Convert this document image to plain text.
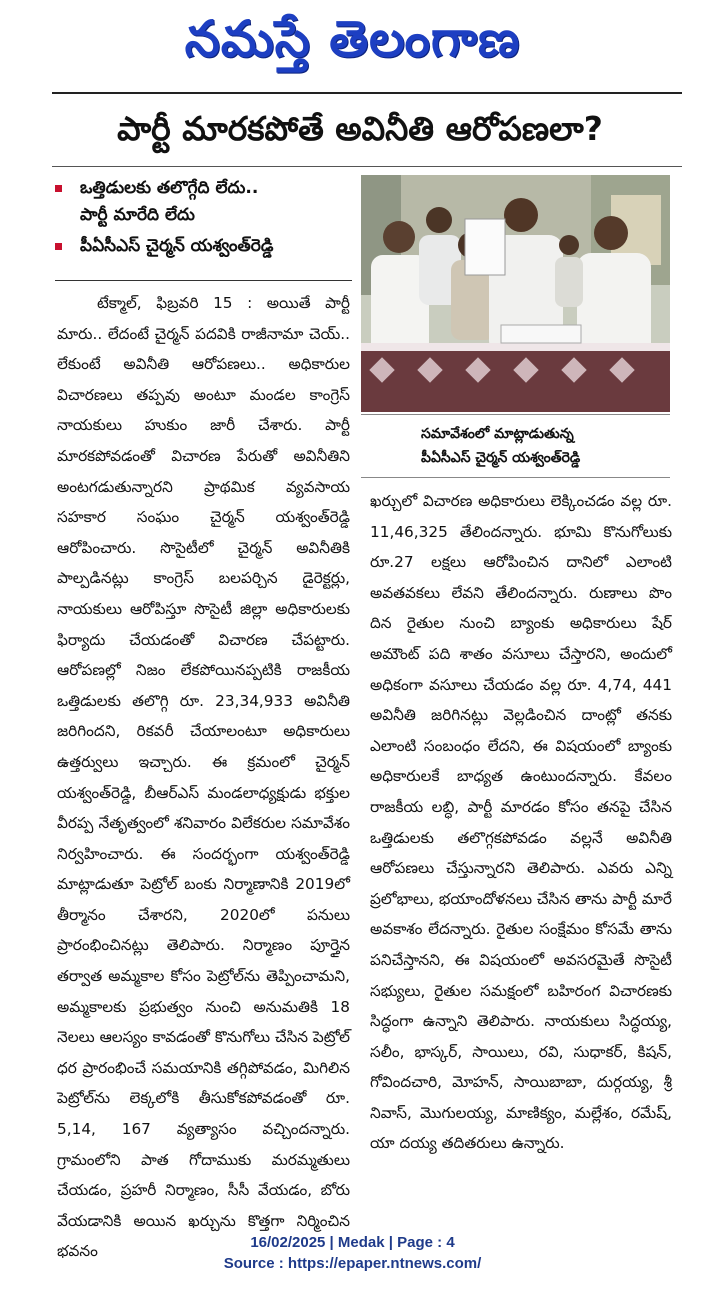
నమస్తే తెలంగాణ
పార్టీ మారకపోతే అవినీతి ఆరోపణలా?
ఒత్తిడులకు తలొగ్గేది లేదు..
పార్టీ మారేది లేదు
పీఏసీఎస్ చైర్మన్ యశ్వంత్‌రెడ్డి
టేక్మాల్, ఫిబ్రవరి 15 : అయితే పార్టీ మారు.. లేదంటే చైర్మన్ పదవికి రాజీనామా చెయ్.. లేకుంటే అవినీతి ఆరోపణలు.. అధికారుల విచారణలు తప్పవు అంటూ మండల కాంగ్రెస్ నాయకులు హుకుం జారీ చేశారు. పార్టీ మారకపోవడంతో విచారణ పేరుతో అవినీతిని అంటగడుతున్నారని ప్రాథమిక వ్యవసాయ సహకార సంఘం చైర్మన్ యశ్వంత్‌రెడ్డి ఆరోపించారు. సొసైటీలో చైర్మన్ అవినీతికి పాల్పడినట్లు కాంగ్రెస్ బలపర్చిన డైరెక్టర్లు, నాయకులు ఆరోపిస్తూ సొసైటీ జిల్లా అధికారులకు ఫిర్యాదు చేయడంతో విచారణ చేపట్టారు. ఆరోపణల్లో నిజం లేకపోయినప్పటికి రాజకీయ ఒత్తిడులకు తలొగ్గి రూ. 23,34,933 అవినీతి జరిగిందని, రికవరీ చేయాలంటూ అధికారులు ఉత్తర్వులు ఇచ్చారు. ఈ క్రమంలో చైర్మన్ యశ్వంత్‌రెడ్డి, బీఆర్ఎస్ మండలాధ్యక్షుడు భక్తుల వీరప్ప నేతృత్వంలో శనివారం విలేకరుల సమావేశం నిర్వహించారు. ఈ సందర్భంగా యశ్వంత్‌రెడ్డి మాట్లాడుతూ పెట్రోల్ బంకు నిర్మాణానికి 2019లో తీర్మానం చేశారని, 2020లో పనులు ప్రారంభించినట్లు తెలిపారు. నిర్మాణం పూర్తైన తర్వాత అమ్మకాల కోసం పెట్రోల్‌ను తెప్పించామని, అమ్మకాలకు ప్రభుత్వం నుంచి అనుమతికి 18 నెలలు ఆలస్యం కావడంతో కొనుగోలు చేసిన పెట్రోల్ ధర ప్రారంభించే సమయానికి తగ్గిపోవడం, మిగిలిన పెట్రోల్‌ను లెక్కలోకి తీసుకోకపోవడంతో రూ. 5,14, 167 వ్యత్యాసం వచ్చిందన్నారు. గ్రామంలోని పాత గోదాముకు మరమ్మతులు చేయడం, ప్రహరీ నిర్మాణం, సీసీ వేయడం, బోరు వేయడానికి అయిన ఖర్చును కొత్తగా నిర్మించిన భవనం
సమావేశంలో మాట్లాడుతున్న
పీఏసీఎస్ చైర్మన్ యశ్వంత్‌రెడ్డి
ఖర్చులో విచారణ అధికారులు లెక్కించడం వల్ల రూ. 11,46,325 తేలిందన్నారు. భూమి కొనుగోలుకు రూ.27 లక్షలు ఆరోపించిన దానిలో ఎలాంటి అవతవకలు లేవని తేలిందన్నారు. రుణాలు పొం దిన రైతుల నుంచి బ్యాంకు అధికారులు షేర్ అమౌంట్ పది శాతం వసూలు చేస్తారని, అందులో అధికంగా వసూలు చేయడం వల్ల రూ. 4,74, 441 అవినీతి జరిగినట్లు వెల్లడించిన దాంట్లో తనకు ఎలాంటి సంబంధం లేదని, ఈ విషయంలో బ్యాంకు అధికారులకే బాధ్యత ఉంటుందన్నారు. కేవలం రాజకీయ లబ్ధి, పార్టీ మారడం కోసం తనపై చేసిన ఒత్తిడులకు తలొగ్గకపోవడం వల్లనే అవినీతి ఆరోపణలు చేస్తున్నారని తెలిపారు. ఎవరు ఎన్ని ప్రలోభాలు, భయాందోళనలు చేసిన తాను పార్టీ మారే అవకాశం లేదన్నారు. రైతుల సంక్షేమం కోసమే తాను పనిచేస్తానని, ఈ విషయంలో అవసరమైతే సొసైటీ సభ్యులు, రైతుల సమక్షంలో బహిరంగ విచారణకు సిద్ధంగా ఉన్నాని తెలిపారు. నాయకులు సిద్ధయ్య, సలీం, భాస్కర్, సాయిలు, రవి, సుధాకర్, కిషన్, గోవిందచారి, మోహన్, సాయిబాబా, దుర్గయ్య, శ్రీ నివాస్, మొగులయ్య, మాణిక్యం, మల్లేశం, రమేష్, యా దయ్య తదితరులు ఉన్నారు.
16/02/2025 | Medak | Page : 4
Source : https://epaper.ntnews.com/
